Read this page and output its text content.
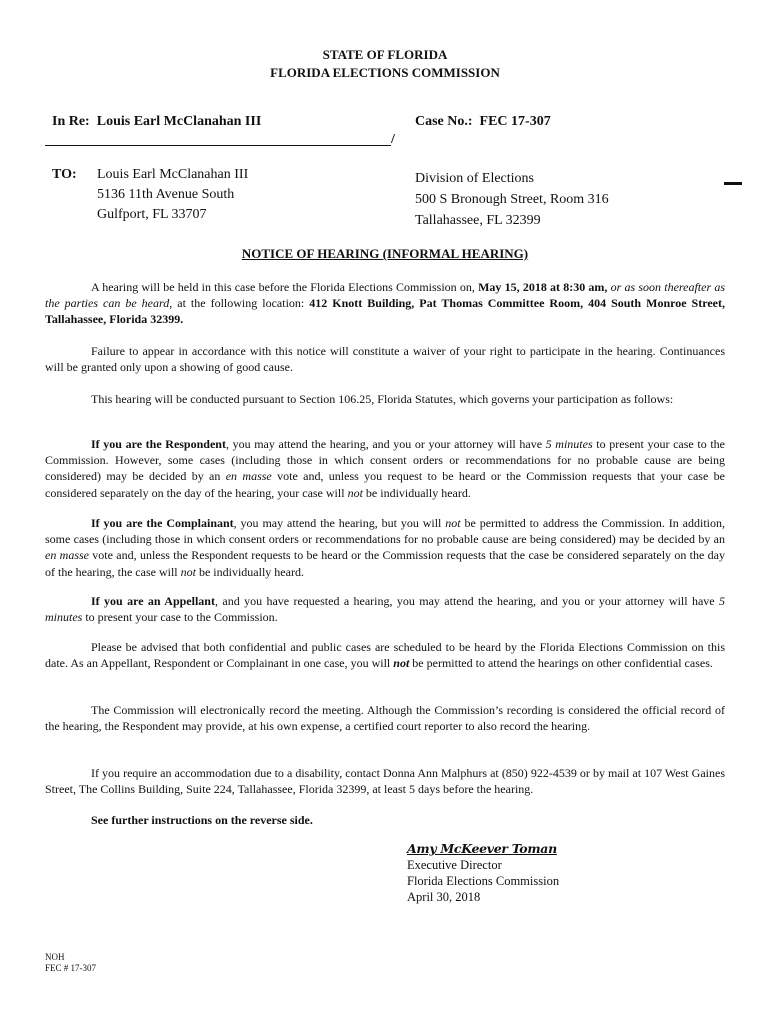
STATE OF FLORIDA
FLORIDA ELECTIONS COMMISSION
In Re: Louis Earl McClanahan III
/
Case No.: FEC 17-307
TO: Louis Earl McClanahan III
5136 11th Avenue South
Gulfport, FL 33707
Division of Elections
500 S Bronough Street, Room 316
Tallahassee, FL 32399
NOTICE OF HEARING (INFORMAL HEARING)

A hearing will be held in this case before the Florida Elections Commission on, May 15, 2018 at 8:30 am, or as soon thereafter as the parties can be heard, at the following location: 412 Knott Building, Pat Thomas Committee Room, 404 South Monroe Street, Tallahassee, Florida 32399.

Failure to appear in accordance with this notice will constitute a waiver of your right to participate in the hearing. Continuances will be granted only upon a showing of good cause.

This hearing will be conducted pursuant to Section 106.25, Florida Statutes, which governs your participation as follows:

If you are the Respondent, you may attend the hearing, and you or your attorney will have 5 minutes to present your case to the Commission. However, some cases (including those in which consent orders or recommendations for no probable cause are being considered) may be decided by an en masse vote and, unless you request to be heard or the Commission requests that your case be considered separately on the day of the hearing, your case will not be individually heard.

If you are the Complainant, you may attend the hearing, but you will not be permitted to address the Commission. In addition, some cases (including those in which consent orders or recommendations for no probable cause are being considered) may be decided by an en masse vote and, unless the Respondent requests to be heard or the Commission requests that the case be considered separately on the day of the hearing, the case will not be individually heard.

If you are an Appellant, and you have requested a hearing, you may attend the hearing, and you or your attorney will have 5 minutes to present your case to the Commission.

Please be advised that both confidential and public cases are scheduled to be heard by the Florida Elections Commission on this date. As an Appellant, Respondent or Complainant in one case, you will not be permitted to attend the hearings on other confidential cases.

The Commission will electronically record the meeting. Although the Commission’s recording is considered the official record of the hearing, the Respondent may provide, at his own expense, a certified court reporter to also record the hearing.

If you require an accommodation due to a disability, contact Donna Ann Malphurs at (850) 922-4539 or by mail at 107 West Gaines Street, The Collins Building, Suite 224, Tallahassee, Florida 32399, at least 5 days before the hearing.

See further instructions on the reverse side.

Amy McKeever Toman
Executive Director
Florida Elections Commission
April 30, 2018
NOH
FEC # 17-307
